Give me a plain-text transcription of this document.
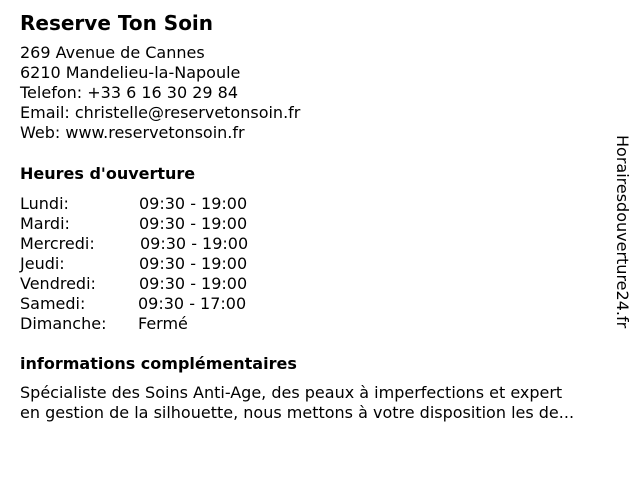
Reserve Ton Soin
269 Avenue de Cannes
6210 Mandelieu-la-Napoule
Telefon: +33 6 16 30 29 84
Email: christelle@reservetonsoin.fr
Web: www.reservetonsoin.fr
Heures d'ouverture
Lundi:	09:30 - 19:00
Mardi:	09:30 - 19:00
Mercredi:	09:30 - 19:00
Jeudi:	09:30 - 19:00
Vendredi:	09:30 - 19:00
Samedi:	09:30 - 17:00
Dimanche: Fermé
informations complémentaires
Spécialiste des Soins Anti-Age, des peaux à imperfections et expert
en gestion de la silhouette, nous mettons à votre disposition les de...
Horairesdouverture24.fr
